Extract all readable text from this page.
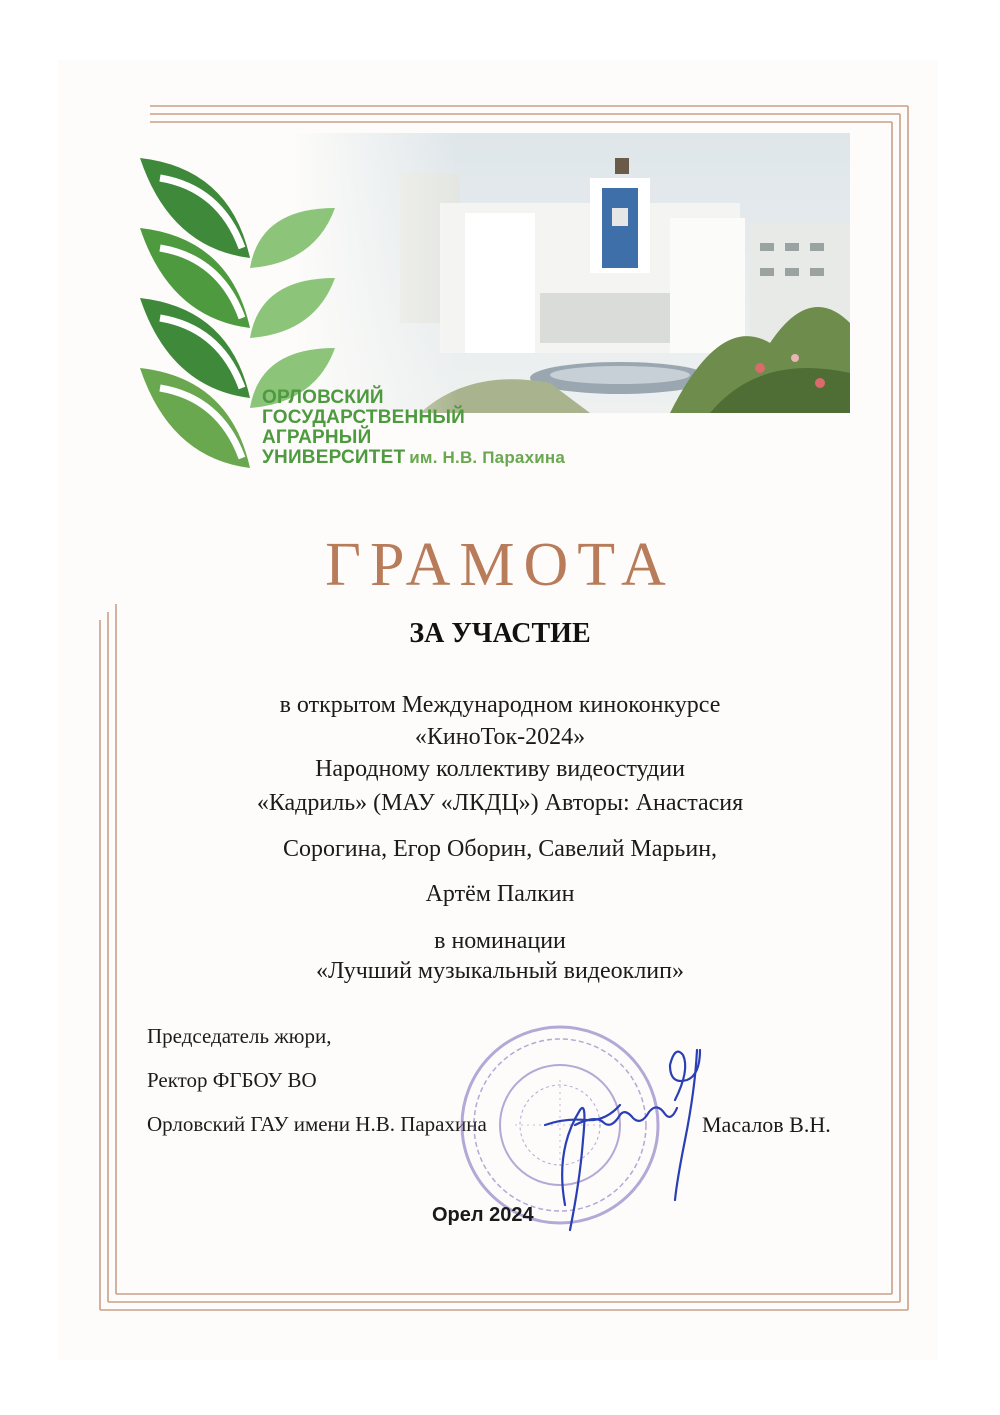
ОРЛОВСКИЙ
ГОСУДАРСТВЕННЫЙ
АГРАРНЫЙ
УНИВЕРСИТЕТ им. Н.В. Парахина
ГРАМОТА
ЗА УЧАСТИЕ
в открытом Международном киноконкурсе
«КиноТок-2024»
Народному коллективу видеостудии
«Кадриль» (МАУ «ЛКДЦ») Авторы: Анастасия
Сорогина, Егор Оборин, Савелий Марьин,
Артём Палкин
в номинации
«Лучший музыкальный видеоклип»
Председатель жюри,
Ректор ФГБОУ ВО
Орловский ГАУ имени Н.В. Парахина	Масалов В.Н.
Орел 2024
